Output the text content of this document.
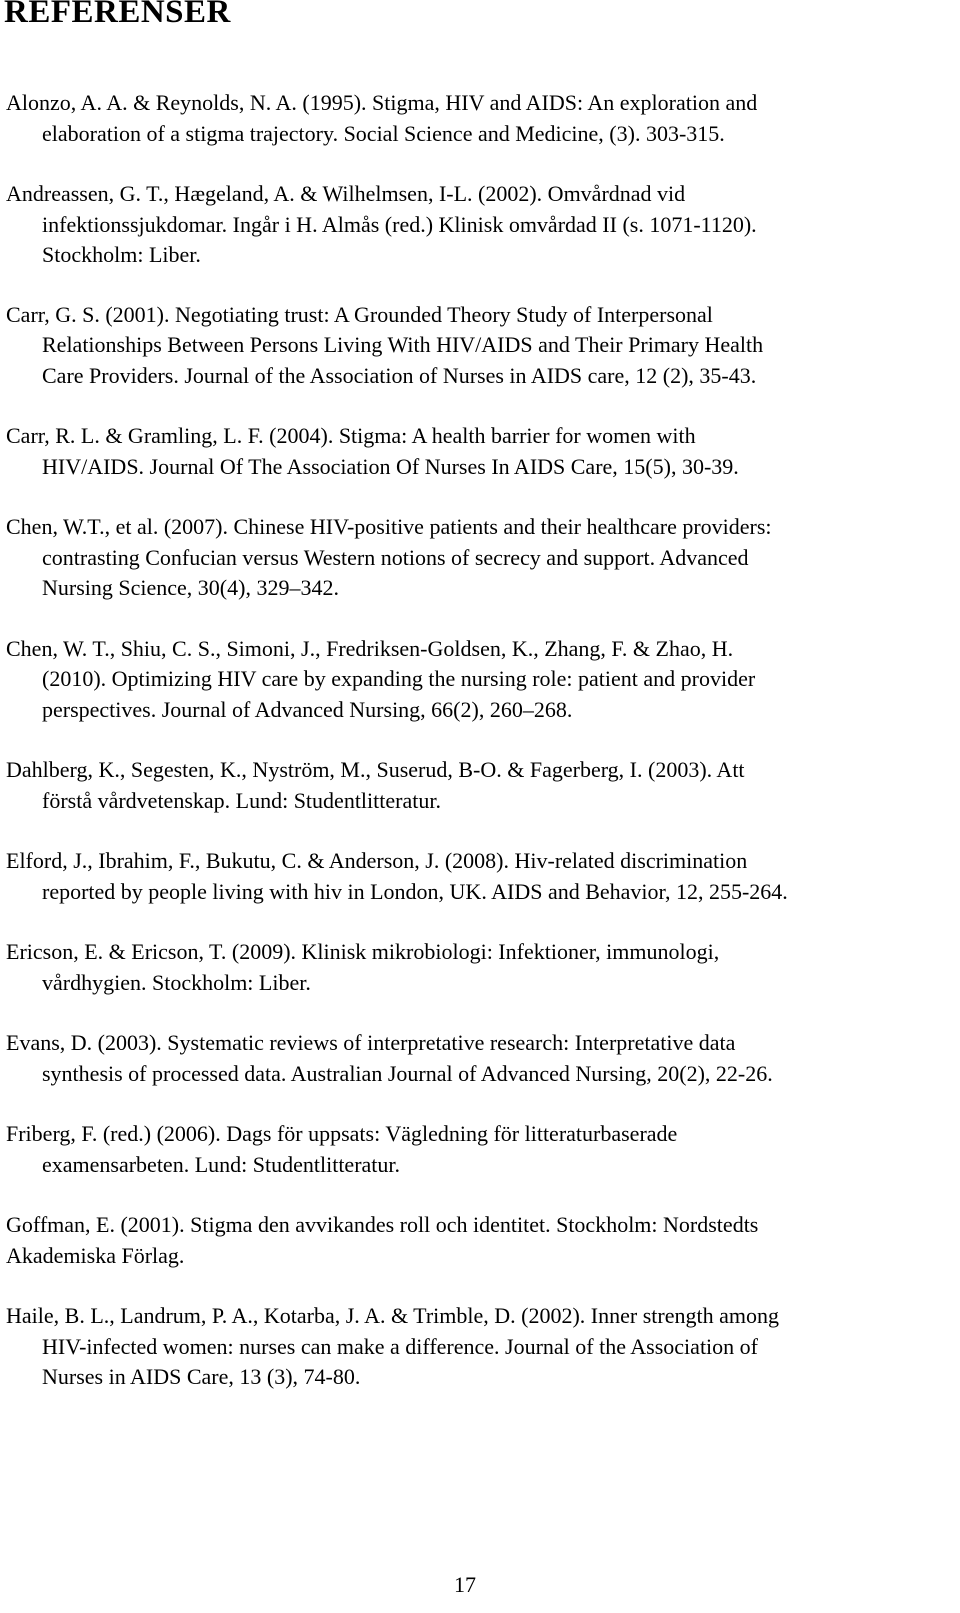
REFERENSER

Alonzo, A. A. & Reynolds, N. A. (1995). Stigma, HIV and AIDS: An exploration and
elaboration of a stigma trajectory. Social Science and Medicine, (3). 303-315.

Andreassen, G. T., Hægeland, A. & Wilhelmsen, I-L. (2002). Omvårdnad vid
infektionssjukdomar. Ingår i H. Almås (red.) Klinisk omvårdad II (s. 1071-1120).
Stockholm: Liber.

Carr, G. S. (2001). Negotiating trust: A Grounded Theory Study of Interpersonal
Relationships Between Persons Living With HIV/AIDS and Their Primary Health
Care Providers. Journal of the Association of Nurses in AIDS care, 12 (2), 35-43.

Carr, R. L. & Gramling, L. F. (2004). Stigma: A health barrier for women with
HIV/AIDS. Journal Of The Association Of Nurses In AIDS Care, 15(5), 30-39.

Chen, W.T., et al. (2007). Chinese HIV-positive patients and their healthcare providers:
contrasting Confucian versus Western notions of secrecy and support. Advanced
Nursing Science, 30(4), 329–342.

Chen, W. T., Shiu, C. S., Simoni, J., Fredriksen-Goldsen, K., Zhang, F. & Zhao, H.
(2010). Optimizing HIV care by expanding the nursing role: patient and provider
perspectives. Journal of Advanced Nursing, 66(2), 260–268.

Dahlberg, K., Segesten, K., Nyström, M., Suserud, B-O. & Fagerberg, I. (2003). Att
förstå vårdvetenskap. Lund: Studentlitteratur.

Elford, J., Ibrahim, F., Bukutu, C. & Anderson, J. (2008). Hiv-related discrimination
reported by people living with hiv in London, UK. AIDS and Behavior, 12, 255-264.

Ericson, E. & Ericson, T. (2009). Klinisk mikrobiologi: Infektioner, immunologi,
vårdhygien. Stockholm: Liber.

Evans, D. (2003). Systematic reviews of interpretative research: Interpretative data
synthesis of processed data. Australian Journal of Advanced Nursing, 20(2), 22-26.

Friberg, F. (red.) (2006). Dags för uppsats: Vägledning för litteraturbaserade
examensarbeten. Lund: Studentlitteratur.

Goffman, E. (2001). Stigma den avvikandes roll och identitet. Stockholm: Nordstedts
Akademiska Förlag.

Haile, B. L., Landrum, P. A., Kotarba, J. A. & Trimble, D. (2002). Inner strength among
HIV-infected women: nurses can make a difference. Journal of the Association of
Nurses in AIDS Care, 13 (3), 74-80.

17
